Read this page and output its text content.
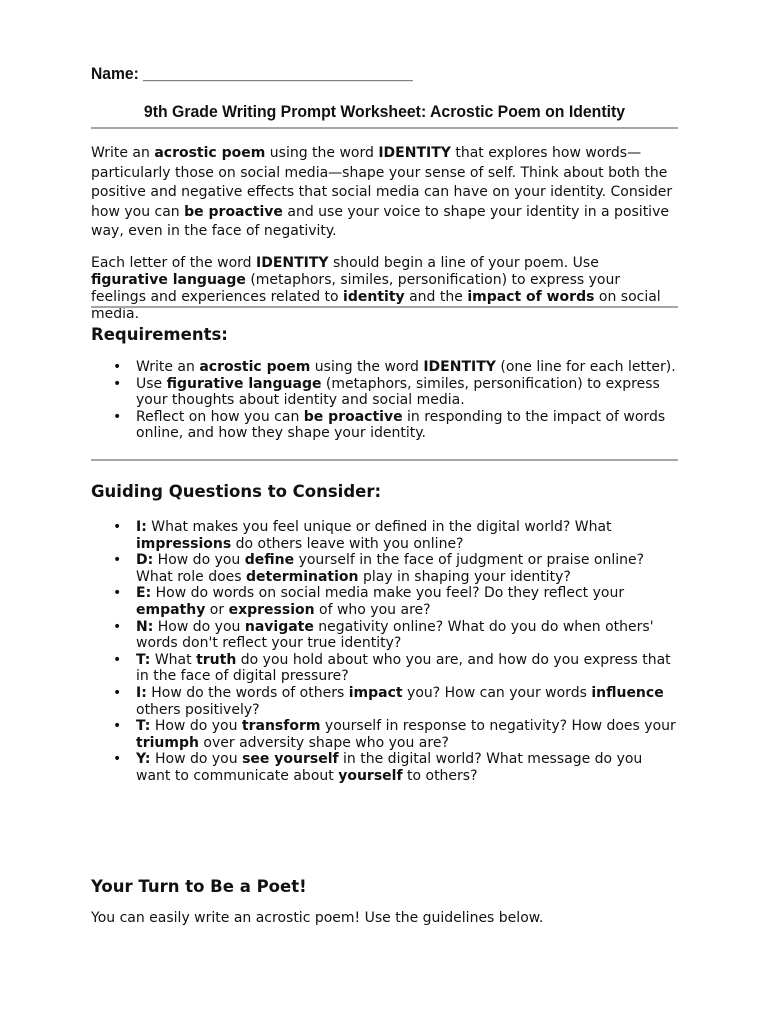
Name: _______________________________
9th Grade Writing Prompt Worksheet: Acrostic Poem on Identity

Write an acrostic poem using the word IDENTITY that explores how words—particularly those on social media—shape your sense of self. Think about both the positive and negative effects that social media can have on your identity. Consider how you can be proactive and use your voice to shape your identity in a positive way, even in the face of negativity.

Each letter of the word IDENTITY should begin a line of your poem. Use figurative language (metaphors, similes, personification) to express your feelings and experiences related to identity and the impact of words on social media.

Requirements:
• Write an acrostic poem using the word IDENTITY (one line for each letter).
• Use figurative language (metaphors, similes, personification) to express your thoughts about identity and social media.
• Reflect on how you can be proactive in responding to the impact of words online, and how they shape your identity.
Guiding Questions to Consider:
• I: What makes you feel unique or defined in the digital world? What impressions do others leave with you online?
• D: How do you define yourself in the face of judgment or praise online? What role does determination play in shaping your identity?
• E: How do words on social media make you feel? Do they reflect your empathy or expression of who you are?
• N: How do you navigate negativity online? What do you do when others' words don't reflect your true identity?
• T: What truth do you hold about who you are, and how do you express that in the face of digital pressure?
• I: How do the words of others impact you? How can your words influence others positively?
• T: How do you transform yourself in response to negativity? How does your triumph over adversity shape who you are?
• Y: How do you see yourself in the digital world? What message do you want to communicate about yourself to others?
Your Turn to Be a Poet!

You can easily write an acrostic poem! Use the guidelines below.
